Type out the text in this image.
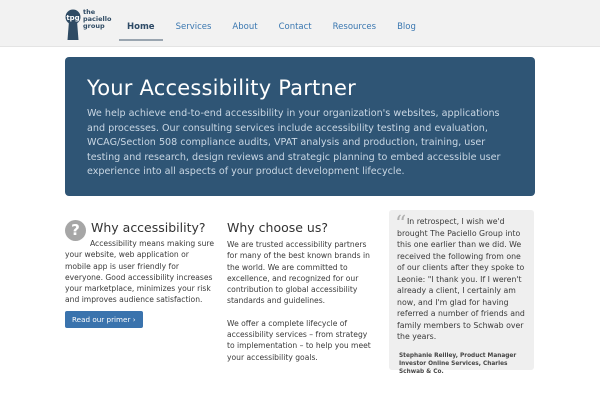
tpg
the
paciello
group	Home	Services	About	Contact	Resources	Blog
Your Accessibility Partner

We help achieve end-to-end accessibility in your organization's websites, applications and processes. Our consulting services include accessibility testing and evaluation, WCAG/Section 508 compliance audits, VPAT analysis and production, training, user testing and research, design reviews and strategic planning to embed accessible user experience into all aspects of your product development lifecycle.

? Why accessibility?

Accessibility means making sure your website, web application or mobile app is user friendly for everyone. Good accessibility increases your marketplace, minimizes your risk and improves audience satisfaction.

Read our primer ›
Why choose us?

We are trusted accessibility partners for many of the best known brands in the world. We are committed to excellence, and recognized for our contribution to global accessibility standards and guidelines.

We offer a complete lifecycle of accessibility services – from strategy to implementation – to help you meet your accessibility goals.

“ In retrospect, I wish we'd brought The Paciello Group into this one earlier than we did. We received the following from one of our clients after they spoke to Leonie: "I thank you. If I weren't already a client, I certainly am now, and I'm glad for having referred a number of friends and family members to Schwab over the years.

Stephanie Reilley, Product Manager Investor Online Services, Charles Schwab & Co.
